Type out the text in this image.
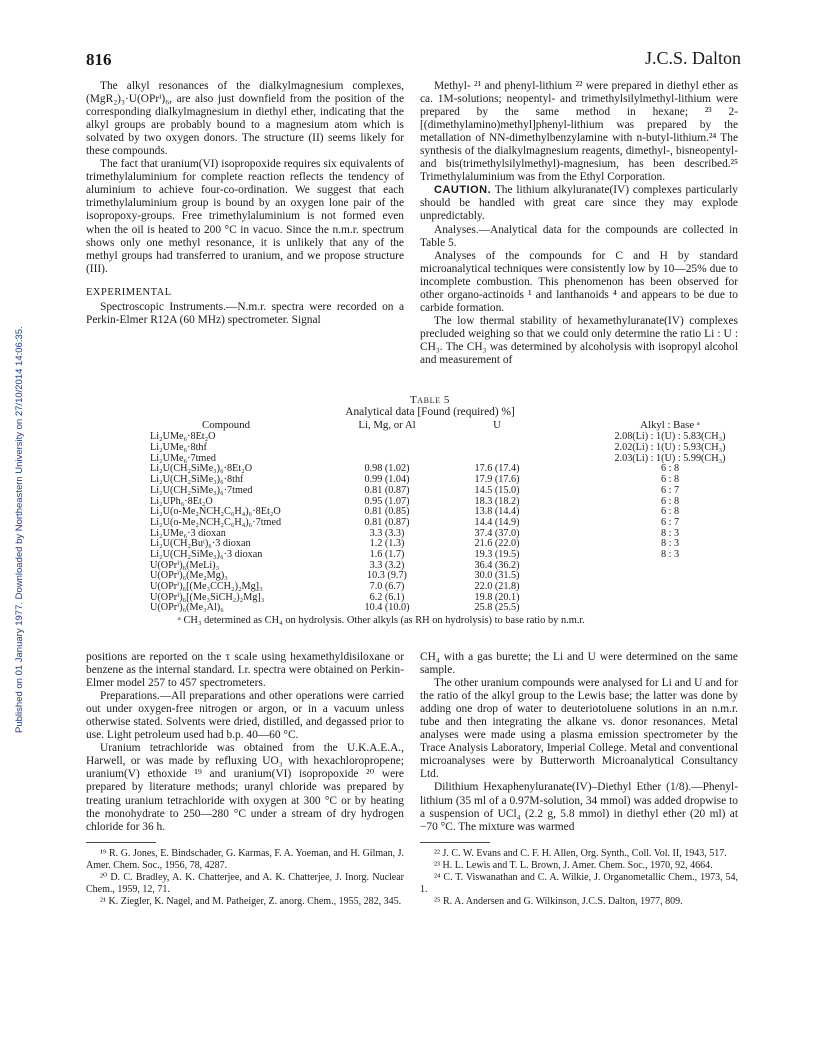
816	J.C.S. Dalton
Published on 01 January 1977. Downloaded by Northeastern University on 27/10/2014 14:06:35.

The alkyl resonances of the dialkylmagnesium complexes, (MgR₂)₃·U(OPrⁱ)₆, are also just downfield from the position of the corresponding dialkylmagnesium in diethyl ether, indicating that the alkyl groups are probably bound to a magnesium atom which is solvated by two oxygen donors. The structure (II) seems likely for these compounds.

The fact that uranium(VI) isopropoxide requires six equivalents of trimethylaluminium for complete reaction reflects the tendency of aluminium to achieve four-co-ordination. We suggest that each trimethylaluminium group is bound by an oxygen lone pair of the isopropoxy-groups. Free trimethylaluminium is not formed even when the oil is heated to 200 °C in vacuo. Since the n.m.r. spectrum shows only one methyl resonance, it is unlikely that any of the methyl groups had transferred to uranium, and we propose structure (III).

EXPERIMENTAL

Spectroscopic Instruments.—N.m.r. spectra were recorded on a Perkin-Elmer R12A (60 MHz) spectrometer. Signal

Methyl- ²¹ and phenyl-lithium ²² were prepared in diethyl ether as ca. 1M-solutions; neopentyl- and trimethylsilylmethyl-lithium were prepared by the same method in hexane; ²³ 2-[(dimethylamino)methyl]phenyl-lithium was prepared by the metallation of NN-dimethylbenzylamine with n-butyl-lithium.²⁴ The synthesis of the dialkylmagnesium reagents, dimethyl-, bisneopentyl- and bis(trimethylsilylmethyl)-magnesium, has been described.²⁵ Trimethylaluminium was from the Ethyl Corporation.

CAUTION. The lithium alkyluranate(IV) complexes particularly should be handled with great care since they may explode unpredictably.

Analyses.—Analytical data for the compounds are collected in Table 5.

Analyses of the compounds for C and H by standard microanalytical techniques were consistently low by 10—25% due to incomplete combustion. This phenomenon has been observed for other organo-actinoids ¹ and lanthanoids ⁴ and appears to be due to carbide formation.

The low thermal stability of hexamethyluranate(IV) complexes precluded weighing so that we could only determine the ratio Li : U : CH₃. The CH₃ was determined by alcoholysis with isopropyl alcohol and measurement of

Table 5
Analytical data [Found (required) %]
Compound	Li, Mg, or Al	U	Alkyl : Base ᵃ
Li₂UMe₆·8Et₂O	2.08(Li) : 1(U) : 5.83(CH₃)
Li₂UMe₆·8thf	2.02(Li) : 1(U) : 5.93(CH₃)
Li₂UMe₆·7tmed	2.03(Li) : 1(U) : 5.99(CH₃)
Li₂U(CH₂SiMe₃)₆·8Et₂O	0.98 (1.02)	17.6 (17.4)	6 : 8
Li₂U(CH₂SiMe₃)₆·8thf	0.99 (1.04)	17.9 (17.6)	6 : 8
Li₂U(CH₂SiMe₃)₆·7tmed	0.81 (0.87)	14.5 (15.0)	6 : 7
Li₂UPh₆·8Et₂O	0.95 (1.07)	18.3 (18.2)	6 : 8
Li₂U(o-Me₂NCH₂C₆H₄)₆·8Et₂O	0.81 (0.85)	13.8 (14.4)	6 : 8
Li₂U(o-Me₂NCH₂C₆H₄)₆·7tmed	0.81 (0.87)	14.4 (14.9)	6 : 7
Li₂UMe₆·3 dioxan	3.3 (3.3)	37.4 (37.0)	8 : 3
Li₂U(CH₂Buᵗ)₆·3 dioxan	1.2 (1.3)	21.6 (22.0)	8 : 3
Li₂U(CH₂SiMe₃)₆·3 dioxan	1.6 (1.7)	19.3 (19.5)	8 : 3
U(OPrⁱ)₆(MeLi)₃	3.3 (3.2)	36.4 (36.2)
U(OPrⁱ)₆(Me₂Mg)₃	10.3 (9.7)	30.0 (31.5)
U(OPrⁱ)₆[(Me₃CCH₂)₂Mg]₃	7.0 (6.7)	22.0 (21.8)
U(OPrⁱ)₆[(Me₃SiCH₂)₂Mg]₃	6.2 (6.1)	19.8 (20.1)
U(OPrⁱ)₆(Me₃Al)₆	10.4 (10.0)	25.8 (25.5)
ᵃ CH₃ determined as CH₄ on hydrolysis. Other alkyls (as RH on hydrolysis) to base ratio by n.m.r.

positions are reported on the τ scale using hexamethyldisiloxane or benzene as the internal standard. I.r. spectra were obtained on Perkin-Elmer model 257 to 457 spectrometers.

Preparations.—All preparations and other operations were carried out under oxygen-free nitrogen or argon, or in a vacuum unless otherwise stated. Solvents were dried, distilled, and degassed prior to use. Light petroleum used had b.p. 40—60 °C.

Uranium tetrachloride was obtained from the U.K.A.E.A., Harwell, or was made by refluxing UO₃ with hexachloropropene; uranium(V) ethoxide ¹⁹ and uranium(VI) isopropoxide ²⁰ were prepared by literature methods; uranyl chloride was prepared by treating uranium tetrachloride with oxygen at 300 °C or by heating the monohydrate to 250—280 °C under a stream of dry hydrogen chloride for 36 h.

¹⁹ R. G. Jones, E. Bindschader, G. Karmas, F. A. Yoeman, and H. Gilman, J. Amer. Chem. Soc., 1956, 78, 4287.

²⁰ D. C. Bradley, A. K. Chatterjee, and A. K. Chatterjee, J. Inorg. Nuclear Chem., 1959, 12, 71.

²¹ K. Ziegler, K. Nagel, and M. Patheiger, Z. anorg. Chem., 1955, 282, 345.

CH₄ with a gas burette; the Li and U were determined on the same sample.

The other uranium compounds were analysed for Li and U and for the ratio of the alkyl group to the Lewis base; the latter was done by adding one drop of water to deuteriotoluene solutions in an n.m.r. tube and then integrating the alkane vs. donor resonances. Metal analyses were made using a plasma emission spectrometer by the Trace Analysis Laboratory, Imperial College. Metal and conventional microanalyses were by Butterworth Microanalytical Consultancy Ltd.

Dilithium Hexaphenyluranate(IV)–Diethyl Ether (1/8).—Phenyl-lithium (35 ml of a 0.97M-solution, 34 mmol) was added dropwise to a suspension of UCl₄ (2.2 g, 5.8 mmol) in diethyl ether (20 ml) at −70 °C. The mixture was warmed

²² J. C. W. Evans and C. F. H. Allen, Org. Synth., Coll. Vol. II, 1943, 517.

²³ H. L. Lewis and T. L. Brown, J. Amer. Chem. Soc., 1970, 92, 4664.

²⁴ C. T. Viswanathan and C. A. Wilkie, J. Organometallic Chem., 1973, 54, 1.

²⁵ R. A. Andersen and G. Wilkinson, J.C.S. Dalton, 1977, 809.
